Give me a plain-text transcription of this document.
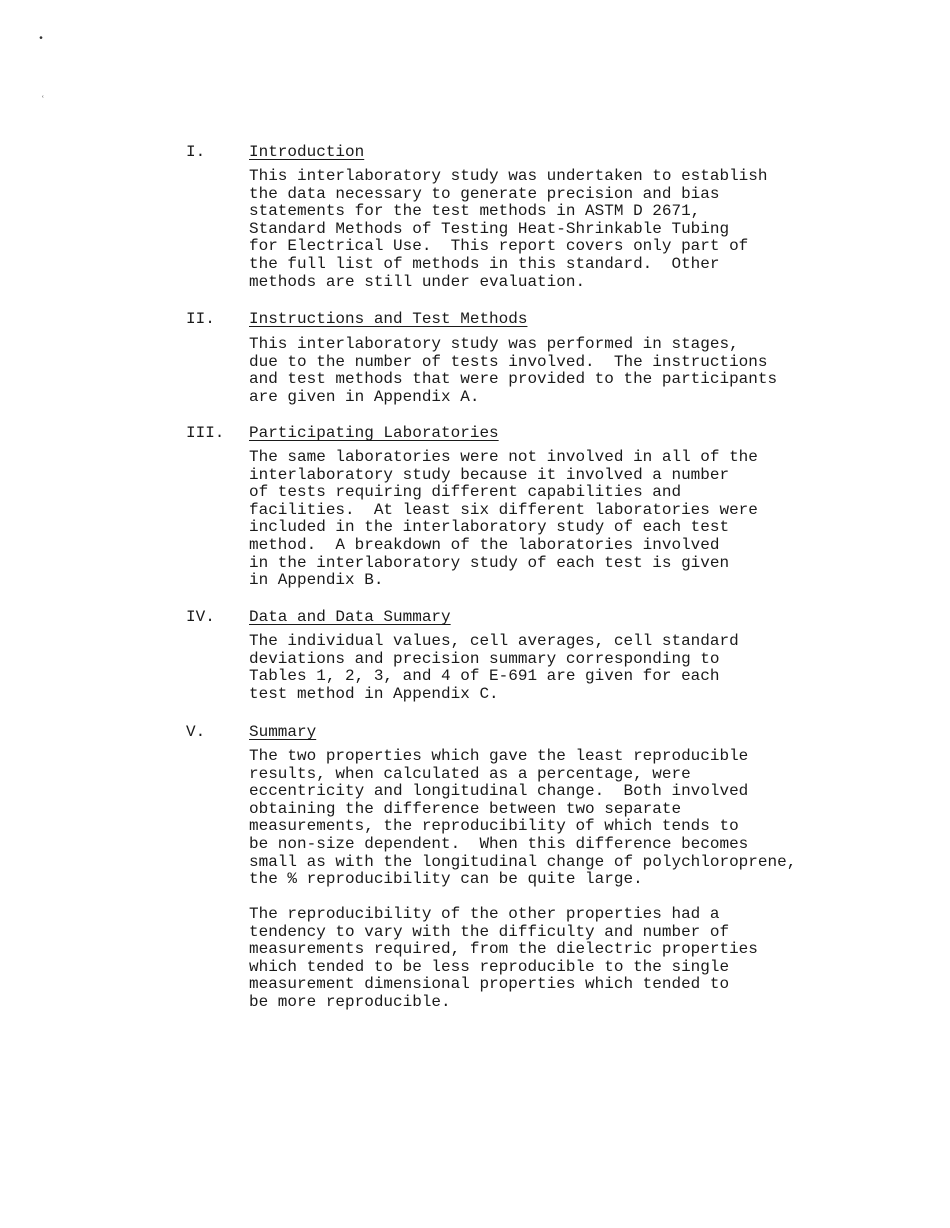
•
ʿ
I.	Introduction

This interlaboratory study was undertaken to establish
the data necessary to generate precision and bias
statements for the test methods in ASTM D 2671,
Standard Methods of Testing Heat-Shrinkable Tubing
for Electrical Use.  This report covers only part of
the full list of methods in this standard.  Other
methods are still under evaluation.

II. Instructions and Test Methods

This interlaboratory study was performed in stages,
due to the number of tests involved.  The instructions
and test methods that were provided to the participants
are given in Appendix A.

III. Participating Laboratories

The same laboratories were not involved in all of the
interlaboratory study because it involved a number
of tests requiring different capabilities and
facilities.  At least six different laboratories were
included in the interlaboratory study of each test
method.  A breakdown of the laboratories involved
in the interlaboratory study of each test is given
in Appendix B.

IV. Data and Data Summary

The individual values, cell averages, cell standard
deviations and precision summary corresponding to
Tables 1, 2, 3, and 4 of E-691 are given for each
test method in Appendix C.

V.	Summary

The two properties which gave the least reproducible
results, when calculated as a percentage, were
eccentricity and longitudinal change.  Both involved
obtaining the difference between two separate
measurements, the reproducibility of which tends to
be non-size dependent.  When this difference becomes
small as with the longitudinal change of polychloroprene,
the % reproducibility can be quite large.

The reproducibility of the other properties had a
tendency to vary with the difficulty and number of
measurements required, from the dielectric properties
which tended to be less reproducible to the single
measurement dimensional properties which tended to
be more reproducible.
